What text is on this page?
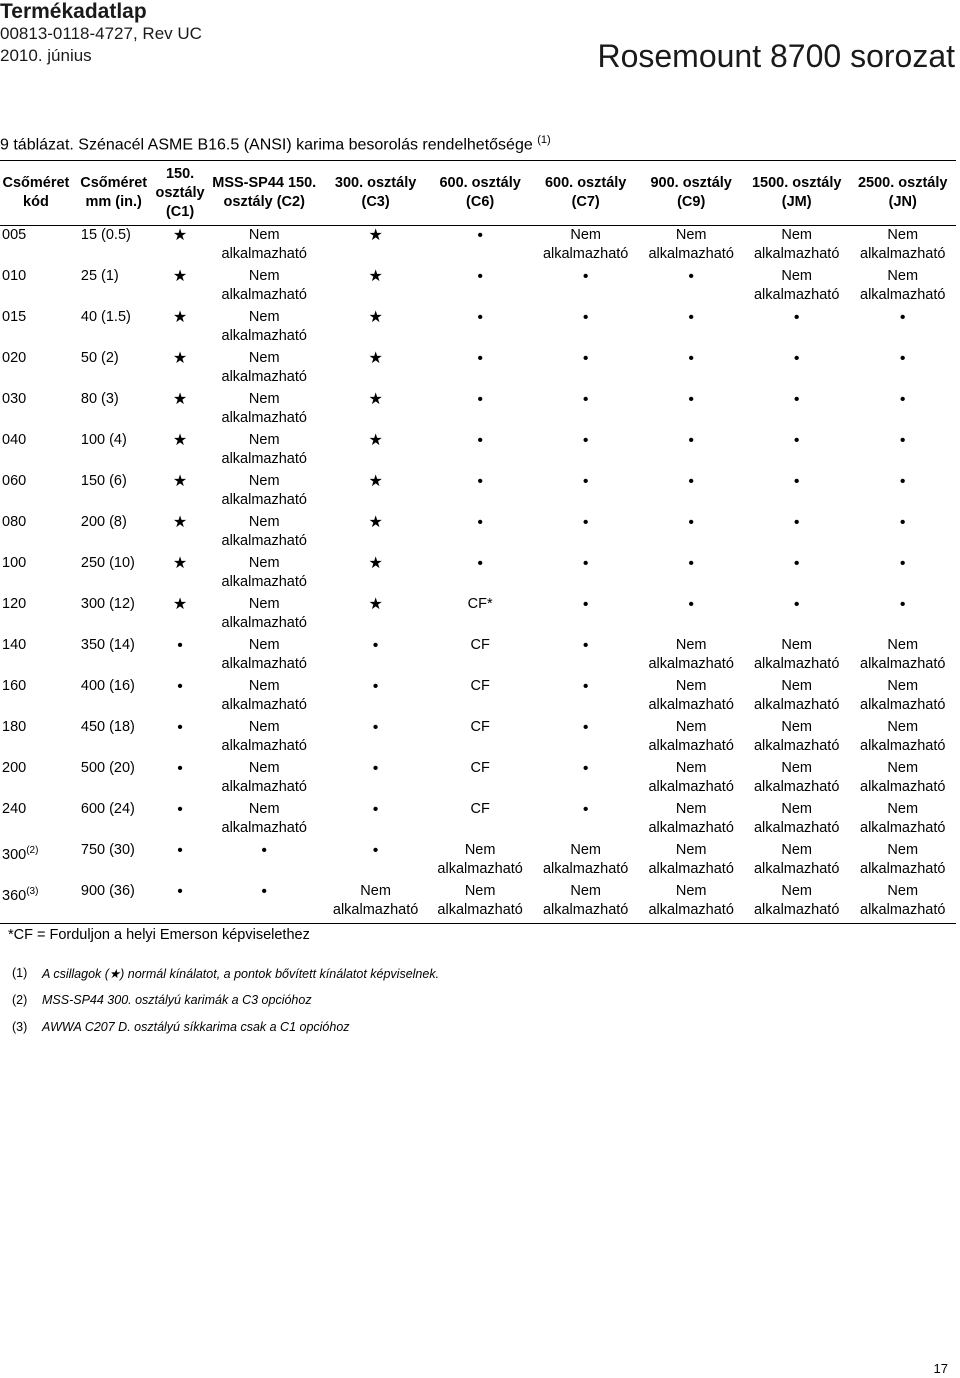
Termékadatlap
00813-0118-4727, Rev UC
2010. június	Rosemount 8700 sorozat
9 táblázat. Szénacél ASME B16.5 (ANSI) karima besorolás rendelhetősége $^{(1)}$
Csőméret kód	Csőméret mm (in.)	150. osztály (C1)	MSS-SP44 150. osztály (C2)	300. osztály (C3)	600. osztály (C6)	600. osztály (C7)	900. osztály (C9)	1500. osztály (JM)	2500. osztály (JN)
005	15 (0.5)	★	Nem alkalmazható	★	•	Nem alkalmazható	Nem alkalmazható	Nem alkalmazható	Nem alkalmazható
010	25 (1)	★	Nem alkalmazható	★	•	•	•	Nem alkalmazható	Nem alkalmazható
015	40 (1.5)	★	Nem alkalmazható	★	•	•	•	•	•
020	50 (2)	★	Nem alkalmazható	★	•	•	•	•	•
030	80 (3)	★	Nem alkalmazható	★	•	•	•	•	•
040	100 (4)	★	Nem alkalmazható	★	•	•	•	•	•
060	150 (6)	★	Nem alkalmazható	★	•	•	•	•	•
080	200 (8)	★	Nem alkalmazható	★	•	•	•	•	•
100	250 (10)	★	Nem alkalmazható	★	•	•	•	•	•
120	300 (12)	★	Nem alkalmazható	★	CF*	•	•	•	•
140	350 (14)	•	Nem alkalmazható	•	CF	•	Nem alkalmazható	Nem alkalmazható	Nem alkalmazható
160	400 (16)	•	Nem alkalmazható	•	CF	•	Nem alkalmazható	Nem alkalmazható	Nem alkalmazható
180	450 (18)	•	Nem alkalmazható	•	CF	•	Nem alkalmazható	Nem alkalmazható	Nem alkalmazható
200	500 (20)	•	Nem alkalmazható	•	CF	•	Nem alkalmazható	Nem alkalmazható	Nem alkalmazható
240	600 (24)	•	Nem alkalmazható	•	CF	•	Nem alkalmazható	Nem alkalmazható	Nem alkalmazható
300$^{(2)}$	750 (30)	•	•	•	Nem alkalmazható	Nem alkalmazható	Nem alkalmazható	Nem alkalmazható	Nem alkalmazható
360$^{(3)}$	900 (36)	•	•	Nem alkalmazható	Nem alkalmazható	Nem alkalmazható	Nem alkalmazható	Nem alkalmazható	Nem alkalmazható
*CF = Forduljon a helyi Emerson képviselethez
(1)	A csillagok (★) normál kínálatot, a pontok bővített kínálatot képviselnek.
(2)	MSS-SP44 300. osztályú karimák a C3 opcióhoz
(3)	AWWA C207 D. osztályú síkkarima csak a C1 opcióhoz
17
